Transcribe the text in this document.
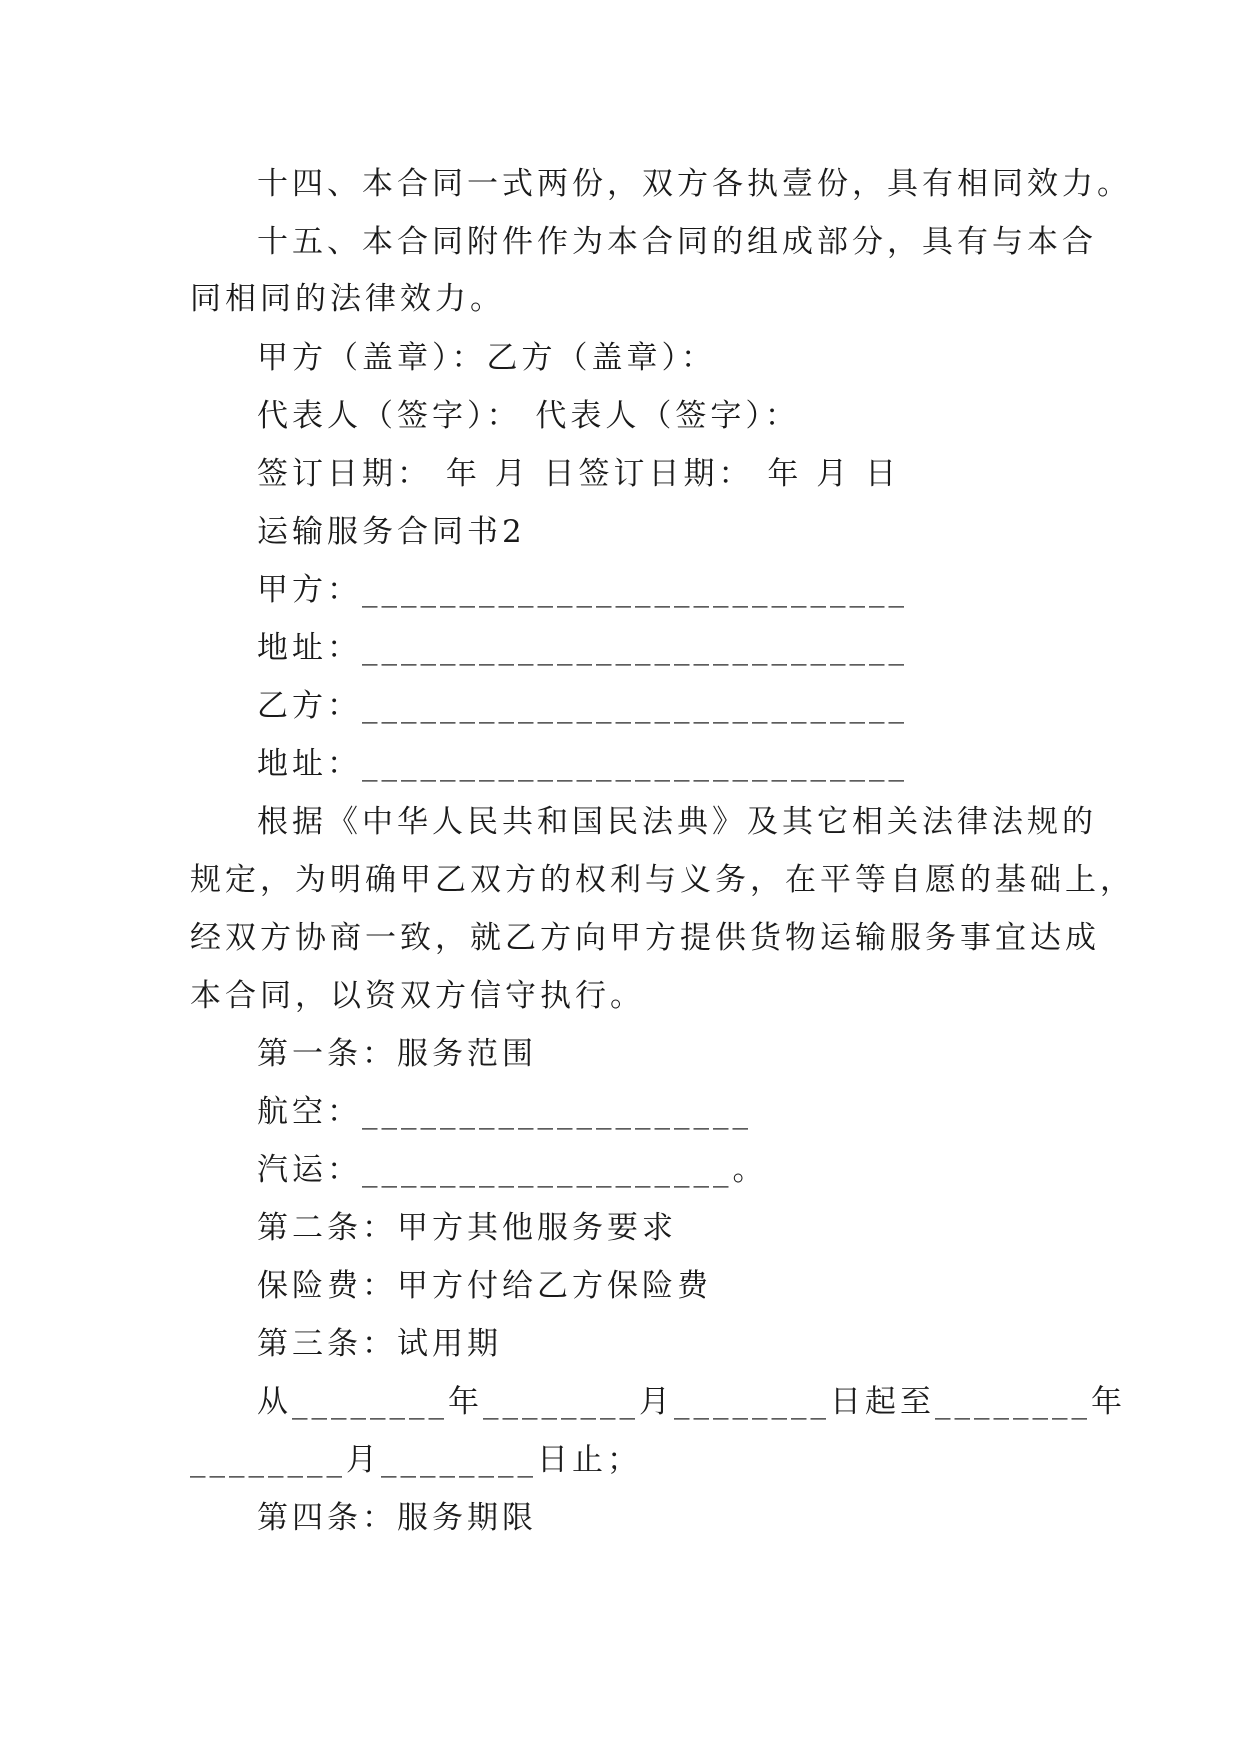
十四、本合同一式两份，双方各执壹份，具有相同效力。
十五、本合同附件作为本合同的组成部分，具有与本合
同相同的法律效力。
甲方（盖章）：乙方（盖章）：
代表人（签字）： 代表人（签字）：
签订日期： 年 月 日签订日期： 年 月 日
运输服务合同书2
甲方：____________________________
地址：____________________________
乙方：____________________________
地址：____________________________
根据《中华人民共和国民法典》及其它相关法律法规的
规定，为明确甲乙双方的权利与义务，在平等自愿的基础上，
经双方协商一致，就乙方向甲方提供货物运输服务事宜达成
本合同，以资双方信守执行。
第一条：服务范围
航空：____________________
汽运：___________________。
第二条：甲方其他服务要求
保险费：甲方付给乙方保险费
第三条：试用期
从________年________月________日起至________年
________月________日止；
第四条：服务期限
